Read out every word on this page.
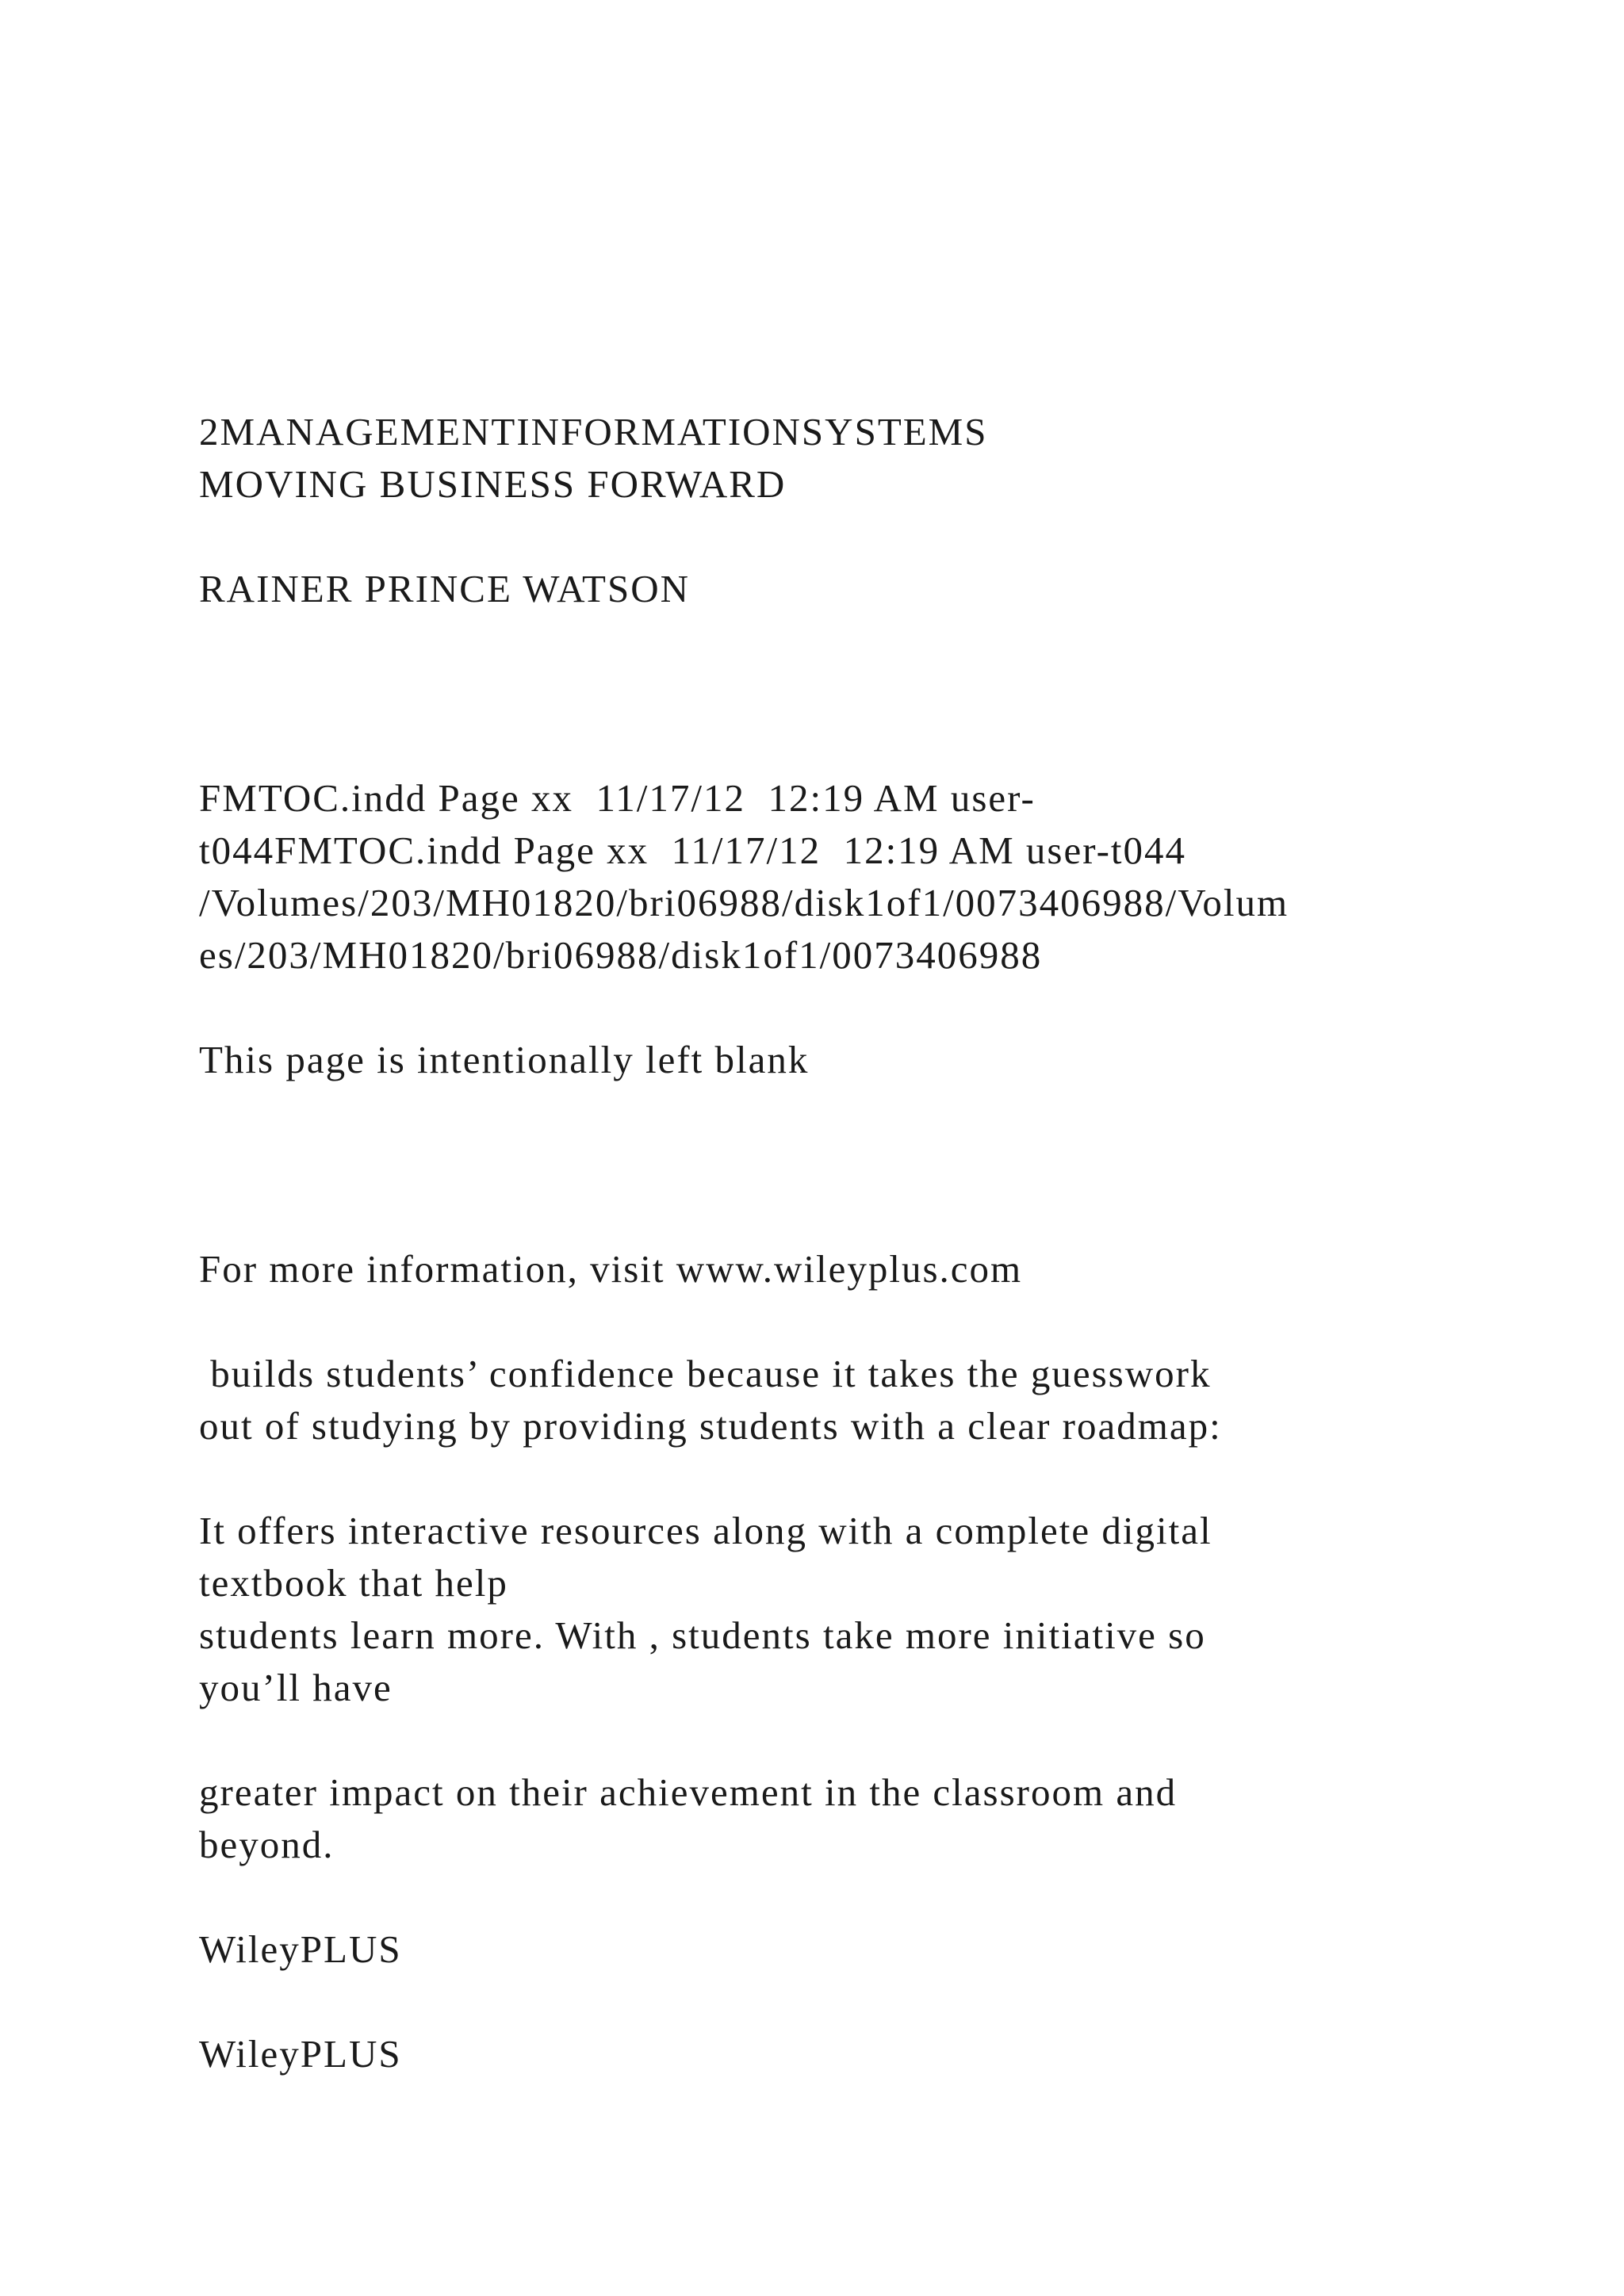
2MANAGEMENTINFORMATIONSYSTEMS

MOVING BUSINESS FORWARD

RAINER PRINCE WATSON

FMTOC.indd Page xx  11/17/12  12:19 AM user-

t044FMTOC.indd Page xx  11/17/12  12:19 AM user-t044

/Volumes/203/MH01820/bri06988/disk1of1/0073406988/Volum

es/203/MH01820/bri06988/disk1of1/0073406988

This page is intentionally left blank

For more information, visit www.wileyplus.com

builds students’ confidence because it takes the guesswork

out of studying by providing students with a clear roadmap:

It offers interactive resources along with a complete digital

textbook that help

students learn more. With , students take more initiative so

you’ll have

greater impact on their achievement in the classroom and

beyond.

WileyPLUS

WileyPLUS
